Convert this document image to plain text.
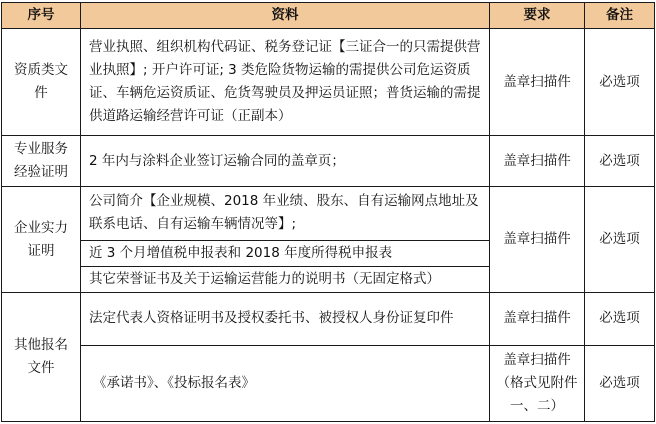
序号	资料	要求	备注
资质类文件	营业执照、组织机构代码证、税务登记证【三证合一的只需提供营业执照】; 开户许可证; 3 类危险货物运输的需提供公司危运资质证、车辆危运资质证、危货驾驶员及押运员证照；普货运输的需提供道路运输经营许可证（正副本）	盖章扫描件	必选项
专业服务经验证明	2 年内与涂料企业签订运输合同的盖章页；	盖章扫描件	必选项
企业实力证明	公司简介【企业规模、2018 年业绩、股东、自有运输网点地址及联系电话、自有运输车辆情况等】;	盖章扫描件	必选项
	近 3 个月增值税申报表和 2018 年度所得税申报表		
	其它荣誉证书及关于运输运营能力的说明书（无固定格式）		
其他报名文件	法定代表人资格证明书及授权委托书、被授权人身份证复印件	盖章扫描件	必选项
	《承诺书》、《投标报名表》	盖章扫描件（格式见附件一、二）	必选项
